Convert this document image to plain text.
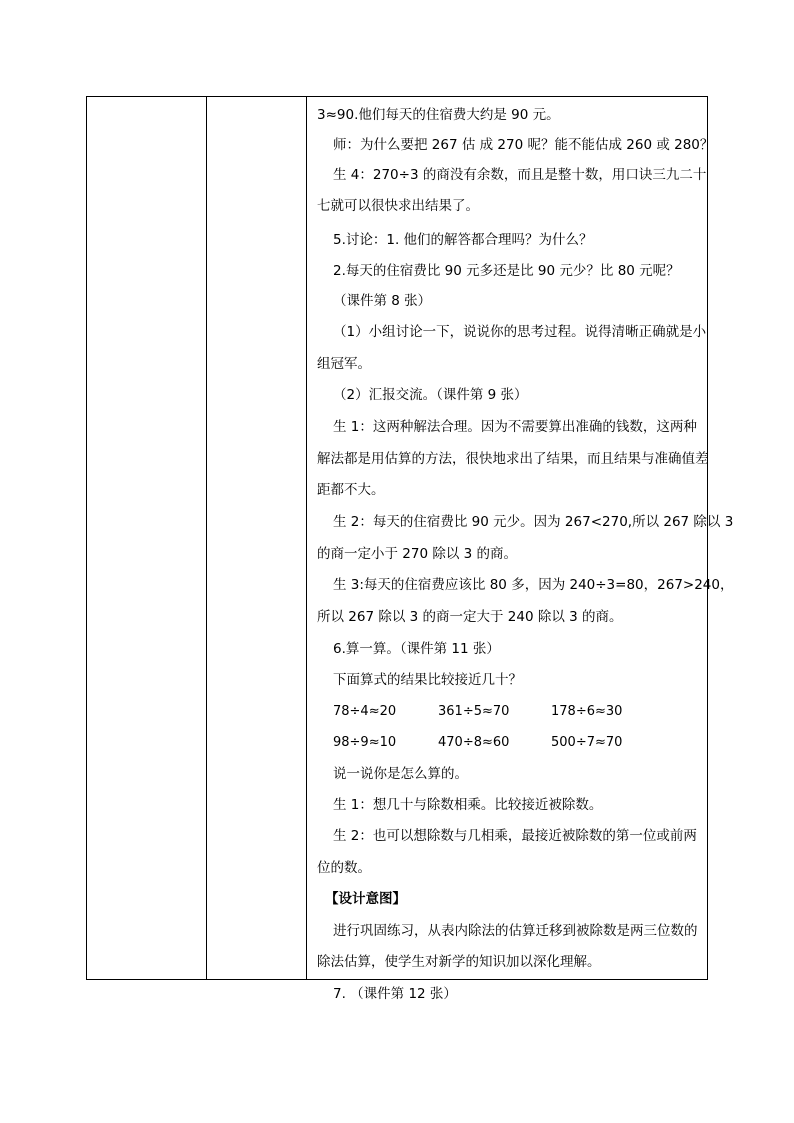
3≈90.他们每天的住宿费大约是 90 元。
师：为什么要把 267 估 成 270 呢？能不能估成 260 或 280？
生 4：270÷3 的商没有余数，而且是整十数，用口诀三九二十
七就可以很快求出结果了。
5.讨论：1. 他们的解答都合理吗？为什么？
2.每天的住宿费比 90 元多还是比 90 元少？比 80 元呢？
（课件第 8 张）
（1）小组讨论一下，说说你的思考过程。说得清晰正确就是小
组冠军。
（2）汇报交流。（课件第 9 张）
生 1：这两种解法合理。因为不需要算出准确的钱数，这两种
解法都是用估算的方法，很快地求出了结果，而且结果与准确值差
距都不大。
生 2：每天的住宿费比 90 元少。因为 267<270,所以 267 除以 3
的商一定小于 270 除以 3 的商。
生 3:每天的住宿费应该比 80 多，因为 240÷3=80，267>240，
所以 267 除以 3 的商一定大于 240 除以 3 的商。
6.算一算。（课件第 11 张）
下面算式的结果比较接近几十？
78÷4≈20	361÷5≈70	178÷6≈30
98÷9≈10	470÷8≈60	500÷7≈70
说一说你是怎么算的。
生 1：想几十与除数相乘。比较接近被除数。
生 2：也可以想除数与几相乘，最接近被除数的第一位或前两
位的数。
【设计意图】
进行巩固练习，从表内除法的估算迁移到被除数是两三位数的
除法估算，使学生对新学的知识加以深化理解。
7. （课件第 12 张）
